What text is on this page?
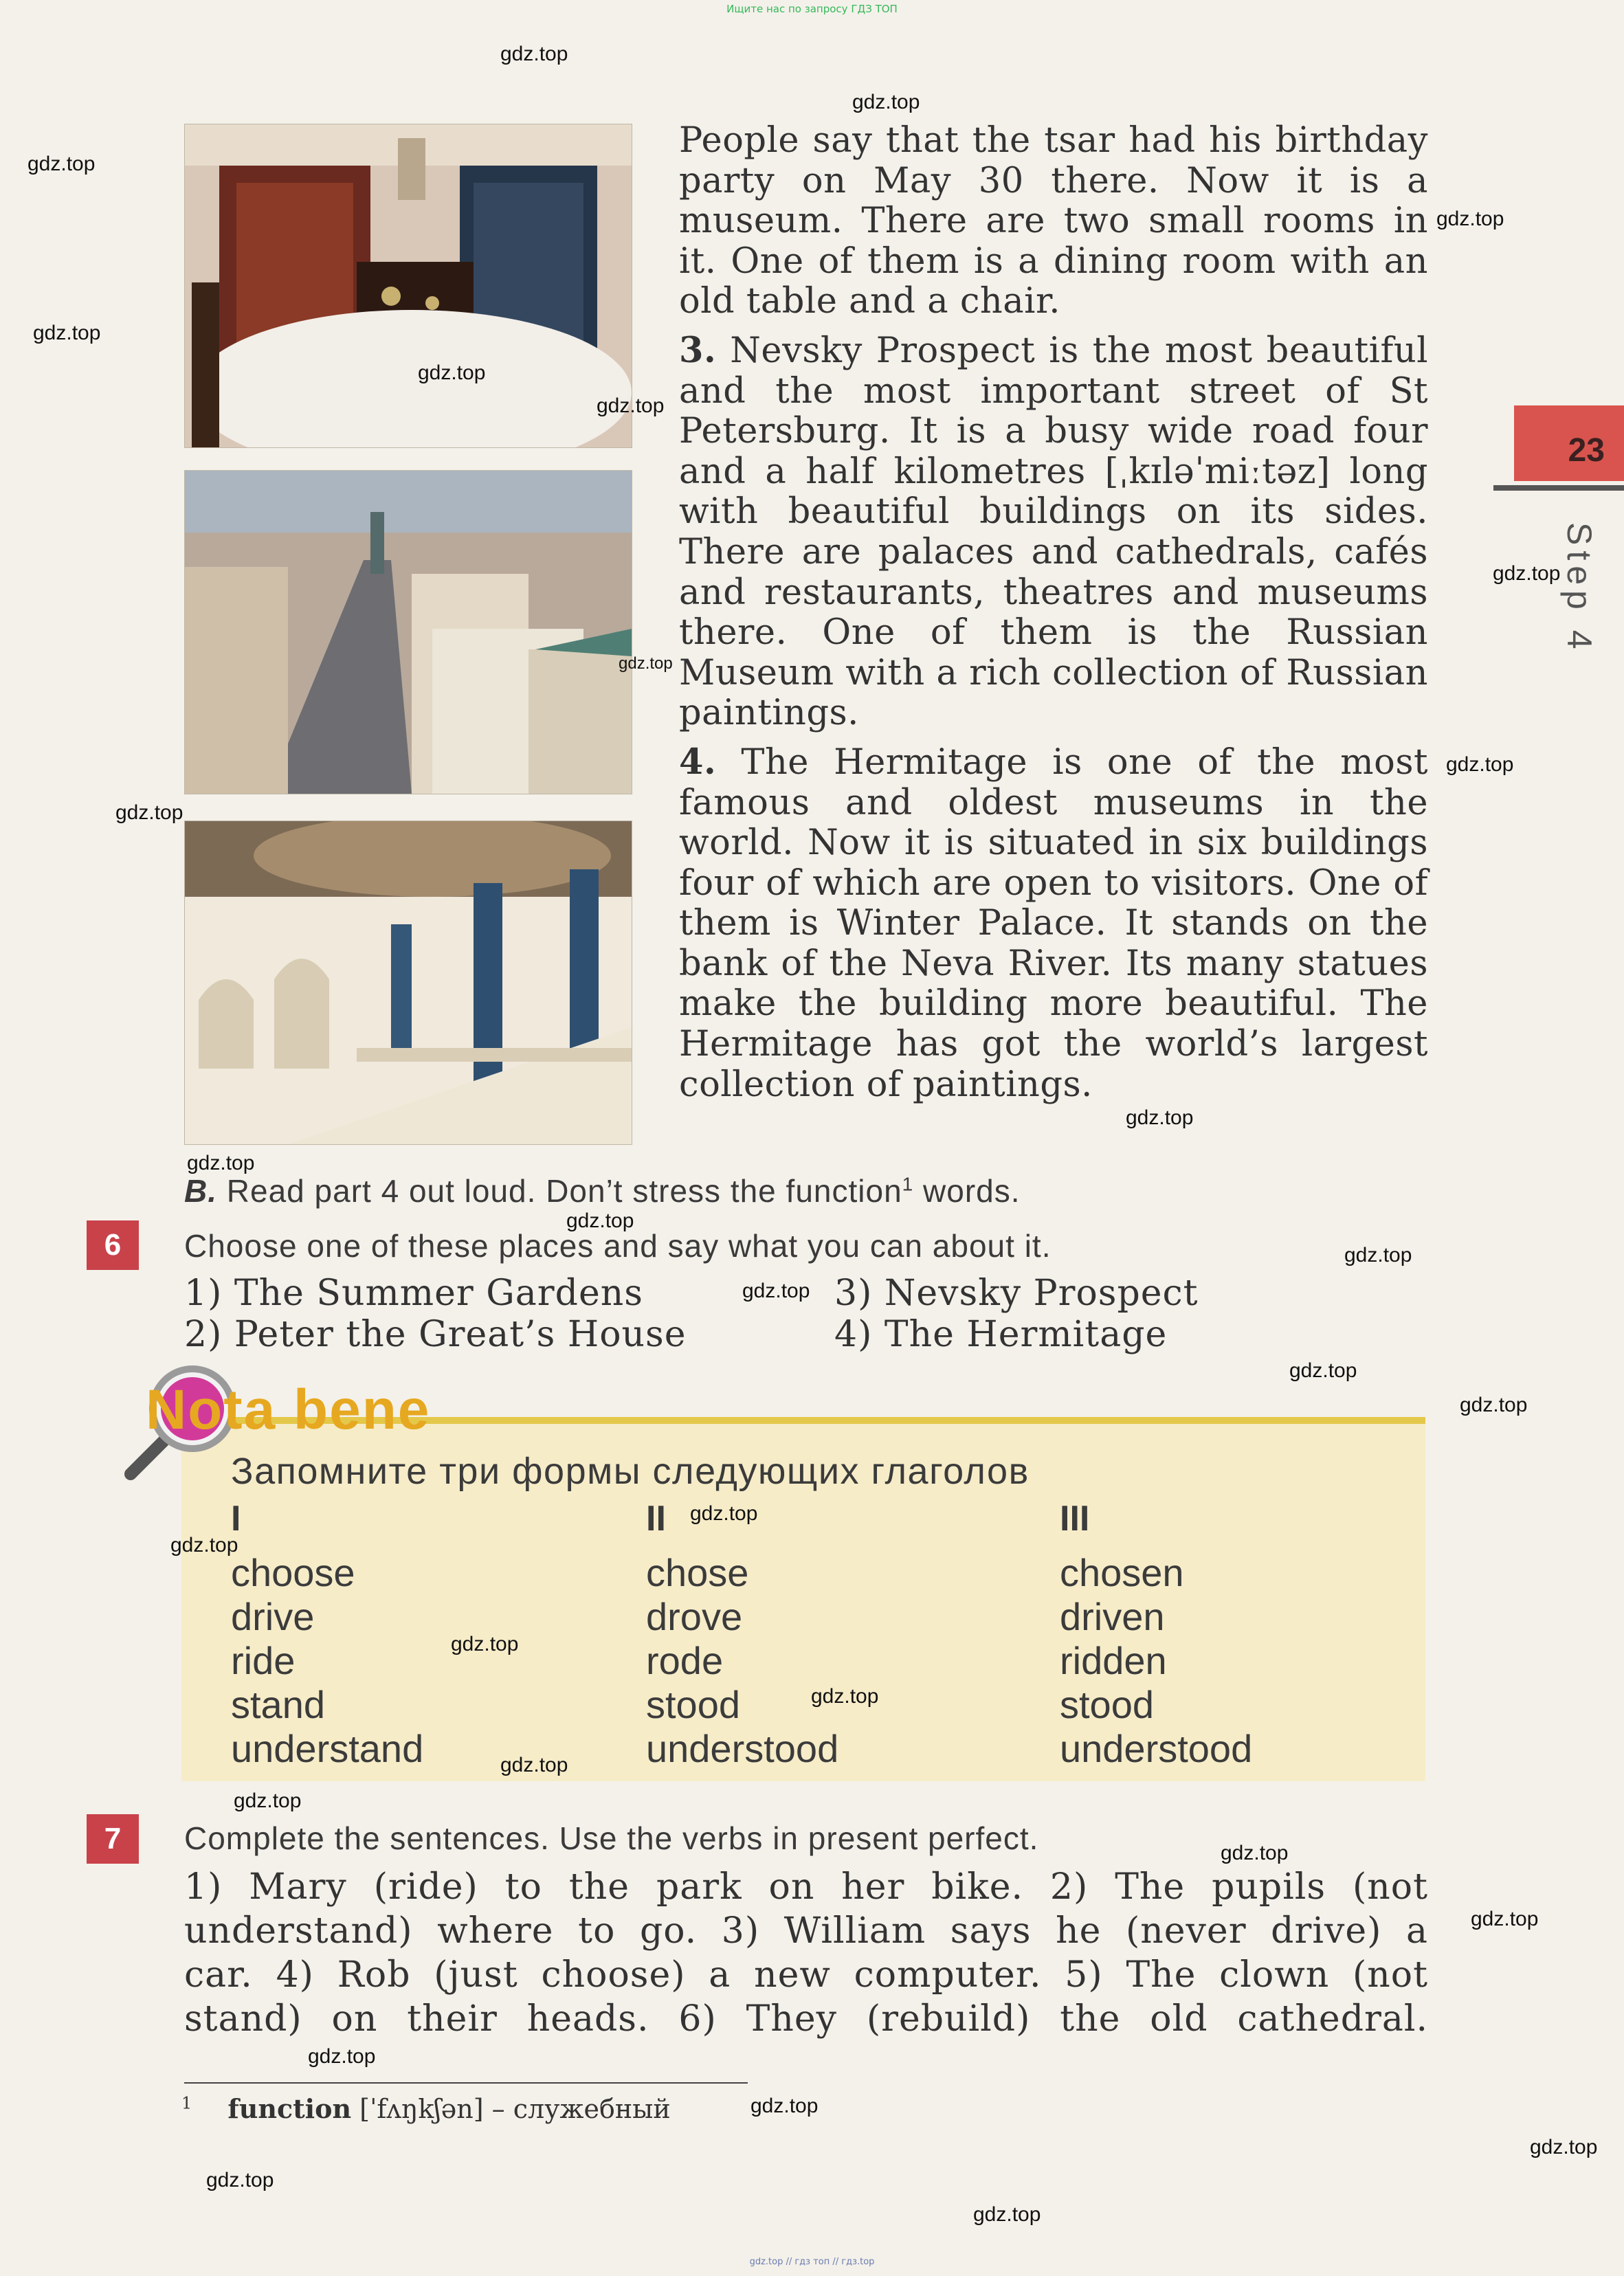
Ищите нас по запросу ГДЗ ТОП
gdz.top // гдз топ // гдз.top

People say that the tsar had his birthday party on May 30 there. Now it is a museum. There are two small rooms in it. One of them is a dining room with an old table and a chair.

3. Nevsky Prospect is the most beautiful and the most important street of St Petersburg. It is a busy wide road four and a half kilometres [ˌkɪləˈmiːtəz] long with beautiful buildings on its sides. There are palaces and cathedrals, cafés and restaurants, theatres and museums there. One of them is the Russian Museum with a rich collection of Russian paintings.

4. The Hermitage is one of the most famous and oldest museums in the world. Now it is situated in six buildings four of which are open to visitors. One of them is Winter Palace. It stands on the bank of the Neva River. Its many statues make the building more beautiful. The Hermitage has got the world’s largest collection of paintings.

23
Step 4
B. Read part 4 out loud. Don’t stress the function$^1$ words.
6	Choose one of these places and say what you can about it.
1) The Summer Gardens
2) Peter the Great’s House
3) Nevsky Prospect
4) The Hermitage
Nota bene
Запомните три формы следующих глаголов
I	II	III
choose	chose	chosen
drive	drove	driven
ride	rode	ridden
stand	stood	stood
understand	understood	understood
7	Complete the sentences. Use the verbs in present perfect.
1) Mary (ride) to the park on her bike. 2) The pupils (not
understand) where to go. 3) William says he (never drive) a
car. 4) Rob (just choose) a new computer. 5) The clown (not
stand) on their heads. 6) They (rebuild) the old cathedral.
$^1$ function [ˈfʌŋkʃən] – служебный
gdz.top
gdz.top
gdz.top
gdz.top
gdz.top
gdz.top
gdz.top
gdz.top
gdz.top
gdz.top
gdz.top
gdz.top
gdz.top
gdz.top
gdz.top
gdz.top
gdz.top
gdz.top
gdz.top
gdz.top
gdz.top
gdz.top
gdz.top
gdz.top
gdz.top
gdz.top
gdz.top
gdz.top
gdz.top
gdz.top
gdz.top
